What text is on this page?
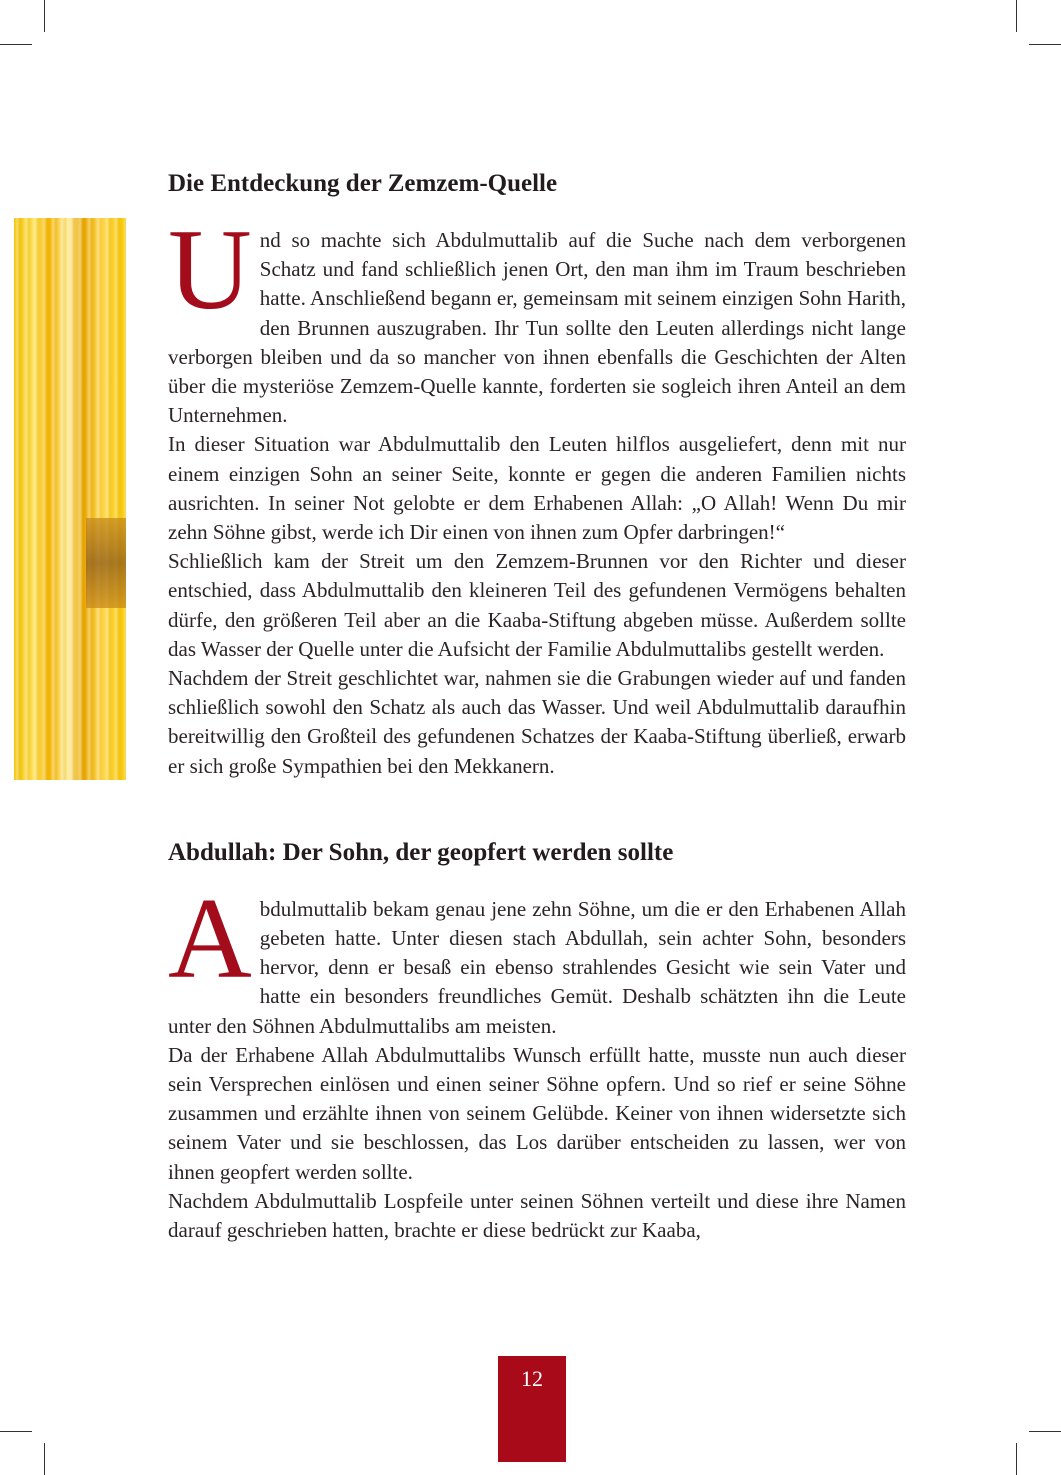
Die Entdeckung der Zemzem-Quelle

Und so machte sich Abdulmuttalib auf die Suche nach dem verborgenen Schatz und fand schließlich jenen Ort, den man ihm im Traum beschrieben hatte. Anschließend begann er, gemeinsam mit seinem einzigen Sohn Harith, den Brunnen auszugraben. Ihr Tun sollte den Leuten allerdings nicht lange verborgen bleiben und da so mancher von ihnen ebenfalls die Geschichten der Alten über die mysteriöse Zemzem-Quelle kannte, forderten sie sogleich ihren Anteil an dem Unternehmen.

In dieser Situation war Abdulmuttalib den Leuten hilflos ausgeliefert, denn mit nur einem einzigen Sohn an seiner Seite, konnte er gegen die anderen Familien nichts ausrichten. In seiner Not gelobte er dem Erhabenen Allah: „O Allah! Wenn Du mir zehn Söhne gibst, werde ich Dir einen von ihnen zum Opfer darbringen!“

Schließlich kam der Streit um den Zemzem-Brunnen vor den Richter und dieser entschied, dass Abdulmuttalib den kleineren Teil des gefundenen Vermögens behalten dürfe, den größeren Teil aber an die Kaaba-Stiftung abgeben müsse. Außerdem sollte das Wasser der Quelle unter die Aufsicht der Familie Abdulmuttalibs gestellt werden.

Nachdem der Streit geschlichtet war, nahmen sie die Grabungen wieder auf und fanden schließlich sowohl den Schatz als auch das Wasser. Und weil Abdulmuttalib daraufhin bereitwillig den Großteil des gefundenen Schatzes der Kaaba-Stiftung überließ, erwarb er sich große Sympathien bei den Mekkanern.

Abdullah: Der Sohn, der geopfert werden sollte

Abdulmuttalib bekam genau jene zehn Söhne, um die er den Erhabenen Allah gebeten hatte. Unter diesen stach Abdullah, sein achter Sohn, besonders hervor, denn er besaß ein ebenso strahlendes Gesicht wie sein Vater und hatte ein besonders freundliches Gemüt. Deshalb schätzten ihn die Leute unter den Söhnen Abdulmuttalibs am meisten.

Da der Erhabene Allah Abdulmuttalibs Wunsch erfüllt hatte, musste nun auch dieser sein Versprechen einlösen und einen seiner Söhne opfern. Und so rief er seine Söhne zusammen und erzählte ihnen von seinem Gelübde. Keiner von ihnen widersetzte sich seinem Vater und sie beschlossen, das Los darüber entscheiden zu lassen, wer von ihnen geopfert werden sollte.

Nachdem Abdulmuttalib Lospfeile unter seinen Söhnen verteilt und diese ihre Namen darauf geschrieben hatten, brachte er diese bedrückt zur Kaaba,

12
